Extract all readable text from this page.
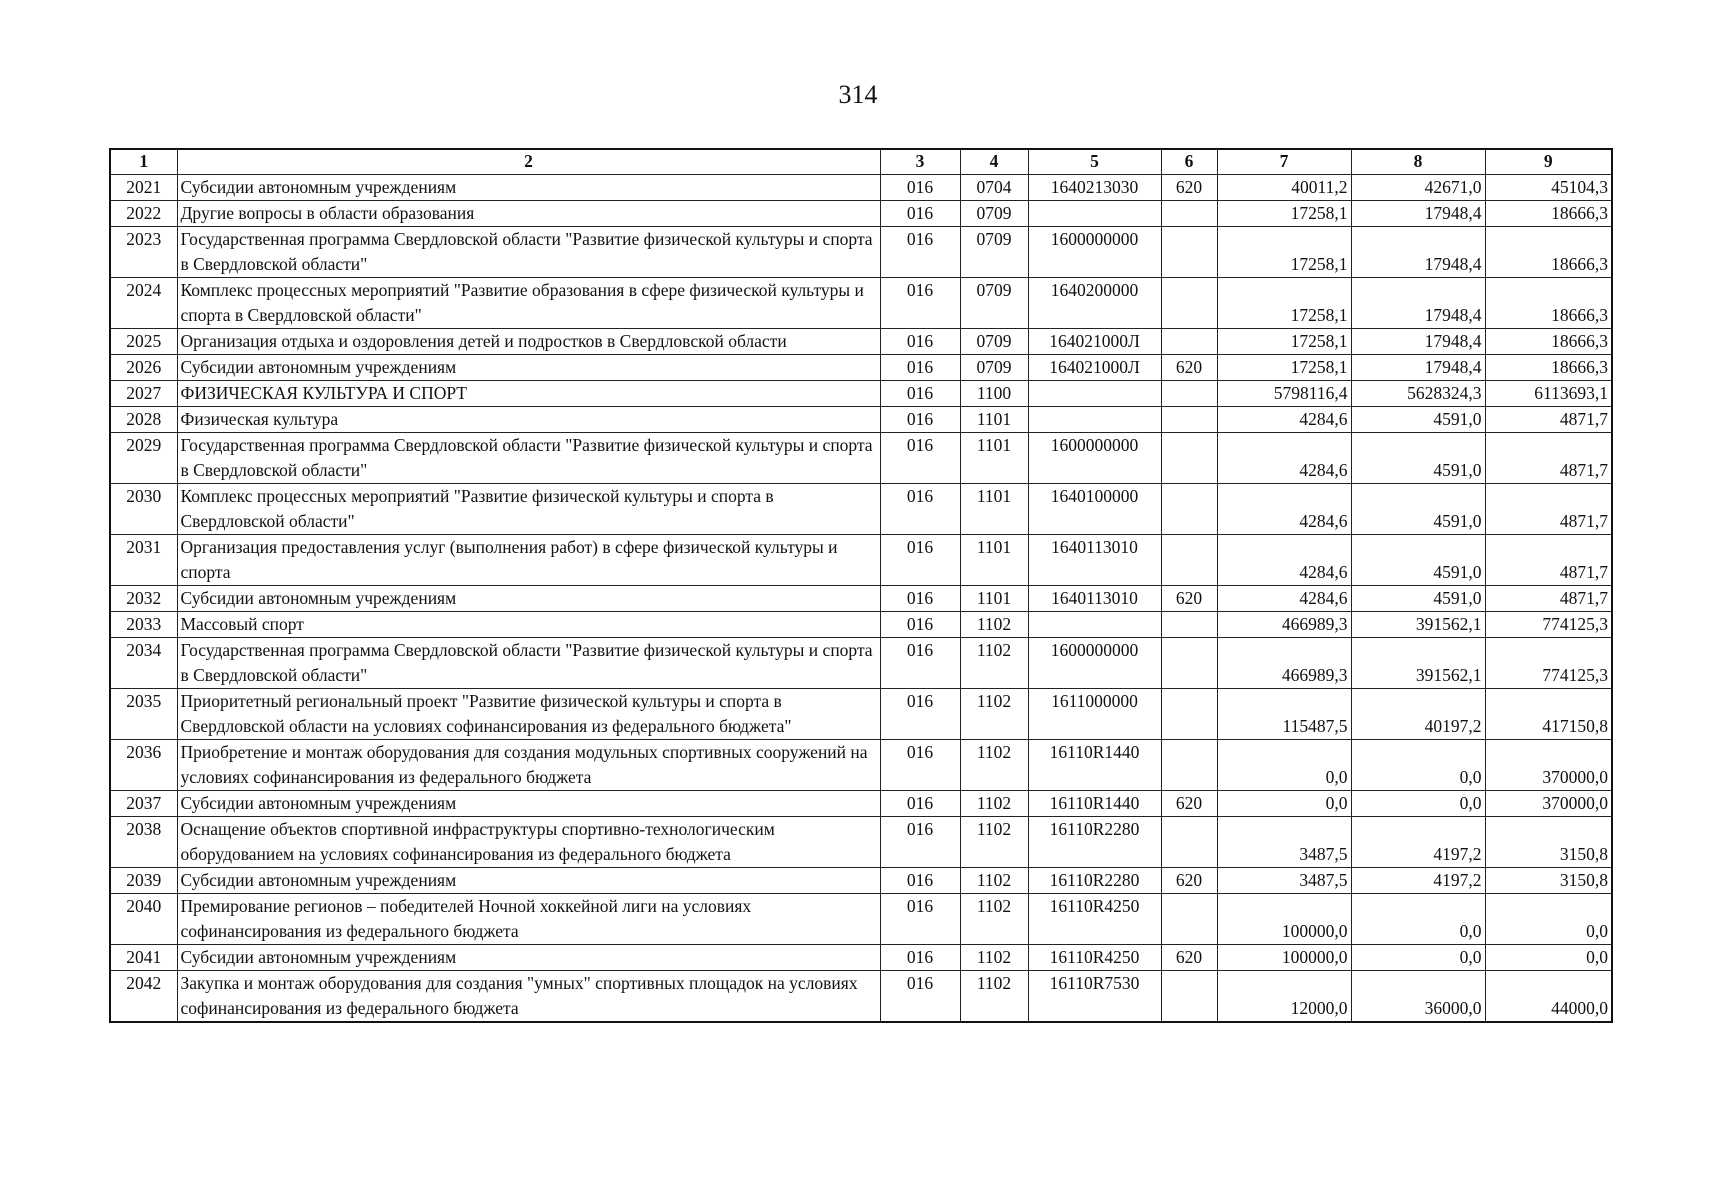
314
1	2	3	4	5	6	7	8	9
2021	Субсидии автономным учреждениям	016	0704	1640213030	620	40011,2	42671,0	45104,3
2022	Другие вопросы в области образования	016	0709			17258,1	17948,4	18666,3
2023	Государственная программа Свердловской области "Развитие физической культуры и спорта в Свердловской области"	016	0709	1600000000		17258,1	17948,4	18666,3
2024	Комплекс процессных мероприятий "Развитие образования в сфере физической культуры и спорта в Свердловской области"	016	0709	1640200000		17258,1	17948,4	18666,3
2025	Организация отдыха и оздоровления детей и подростков в Свердловской области	016	0709	164021000Л		17258,1	17948,4	18666,3
2026	Субсидии автономным учреждениям	016	0709	164021000Л	620	17258,1	17948,4	18666,3
2027	ФИЗИЧЕСКАЯ КУЛЬТУРА И СПОРТ	016	1100			5798116,4	5628324,3	6113693,1
2028	Физическая культура	016	1101			4284,6	4591,0	4871,7
2029	Государственная программа Свердловской области "Развитие физической культуры и спорта в Свердловской области"	016	1101	1600000000		4284,6	4591,0	4871,7
2030	Комплекс процессных мероприятий "Развитие физической культуры и спорта в Свердловской области"	016	1101	1640100000		4284,6	4591,0	4871,7
2031	Организация предоставления услуг (выполнения работ) в сфере физической культуры и спорта	016	1101	1640113010		4284,6	4591,0	4871,7
2032	Субсидии автономным учреждениям	016	1101	1640113010	620	4284,6	4591,0	4871,7
2033	Массовый спорт	016	1102			466989,3	391562,1	774125,3
2034	Государственная программа Свердловской области "Развитие физической культуры и спорта в Свердловской области"	016	1102	1600000000		466989,3	391562,1	774125,3
2035	Приоритетный региональный проект "Развитие физической культуры и спорта в Свердловской области на условиях софинансирования из федерального бюджета"	016	1102	1611000000		115487,5	40197,2	417150,8
2036	Приобретение и монтаж оборудования для создания модульных спортивных сооружений на условиях софинансирования из федерального бюджета	016	1102	16110R1440		0,0	0,0	370000,0
2037	Субсидии автономным учреждениям	016	1102	16110R1440	620	0,0	0,0	370000,0
2038	Оснащение объектов спортивной инфраструктуры спортивно-технологическим оборудованием на условиях софинансирования из федерального бюджета	016	1102	16110R2280		3487,5	4197,2	3150,8
2039	Субсидии автономным учреждениям	016	1102	16110R2280	620	3487,5	4197,2	3150,8
2040	Премирование регионов – победителей Ночной хоккейной лиги на условиях софинансирования из федерального бюджета	016	1102	16110R4250		100000,0	0,0	0,0
2041	Субсидии автономным учреждениям	016	1102	16110R4250	620	100000,0	0,0	0,0
2042	Закупка и монтаж оборудования для создания "умных" спортивных площадок на условиях софинансирования из федерального бюджета	016	1102	16110R7530		12000,0	36000,0	44000,0
